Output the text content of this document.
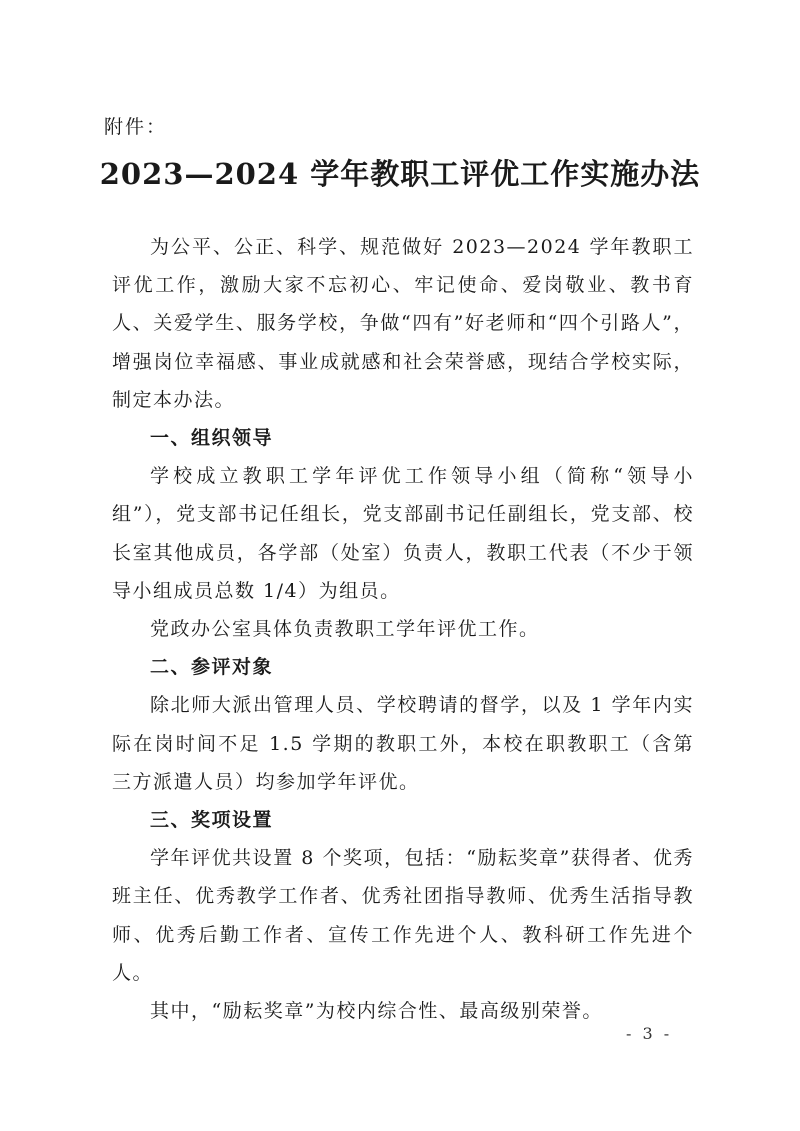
附件：
2023—2024 学年教职工评优工作实施办法

为公平、公正、科学、规范做好 2023—2024 学年教职工评优工作，激励大家不忘初心、牢记使命、爱岗敬业、教书育人、关爱学生、服务学校，争做“四有”好老师和“四个引路人”，增强岗位幸福感、事业成就感和社会荣誉感，现结合学校实际，制定本办法。

一、组织领导

学校成立教职工学年评优工作领导小组（简称“领导小组”），党支部书记任组长，党支部副书记任副组长，党支部、校长室其他成员，各学部（处室）负责人，教职工代表（不少于领导小组成员总数 1/4）为组员。

党政办公室具体负责教职工学年评优工作。

二、参评对象

除北师大派出管理人员、学校聘请的督学，以及 1 学年内实际在岗时间不足 1.5 学期的教职工外，本校在职教职工（含第三方派遣人员）均参加学年评优。

三、奖项设置

学年评优共设置 8 个奖项，包括：“励耘奖章”获得者、优秀班主任、优秀教学工作者、优秀社团指导教师、优秀生活指导教师、优秀后勤工作者、宣传工作先进个人、教科研工作先进个人。

其中，“励耘奖章”为校内综合性、最高级别荣誉。

- 3 -
